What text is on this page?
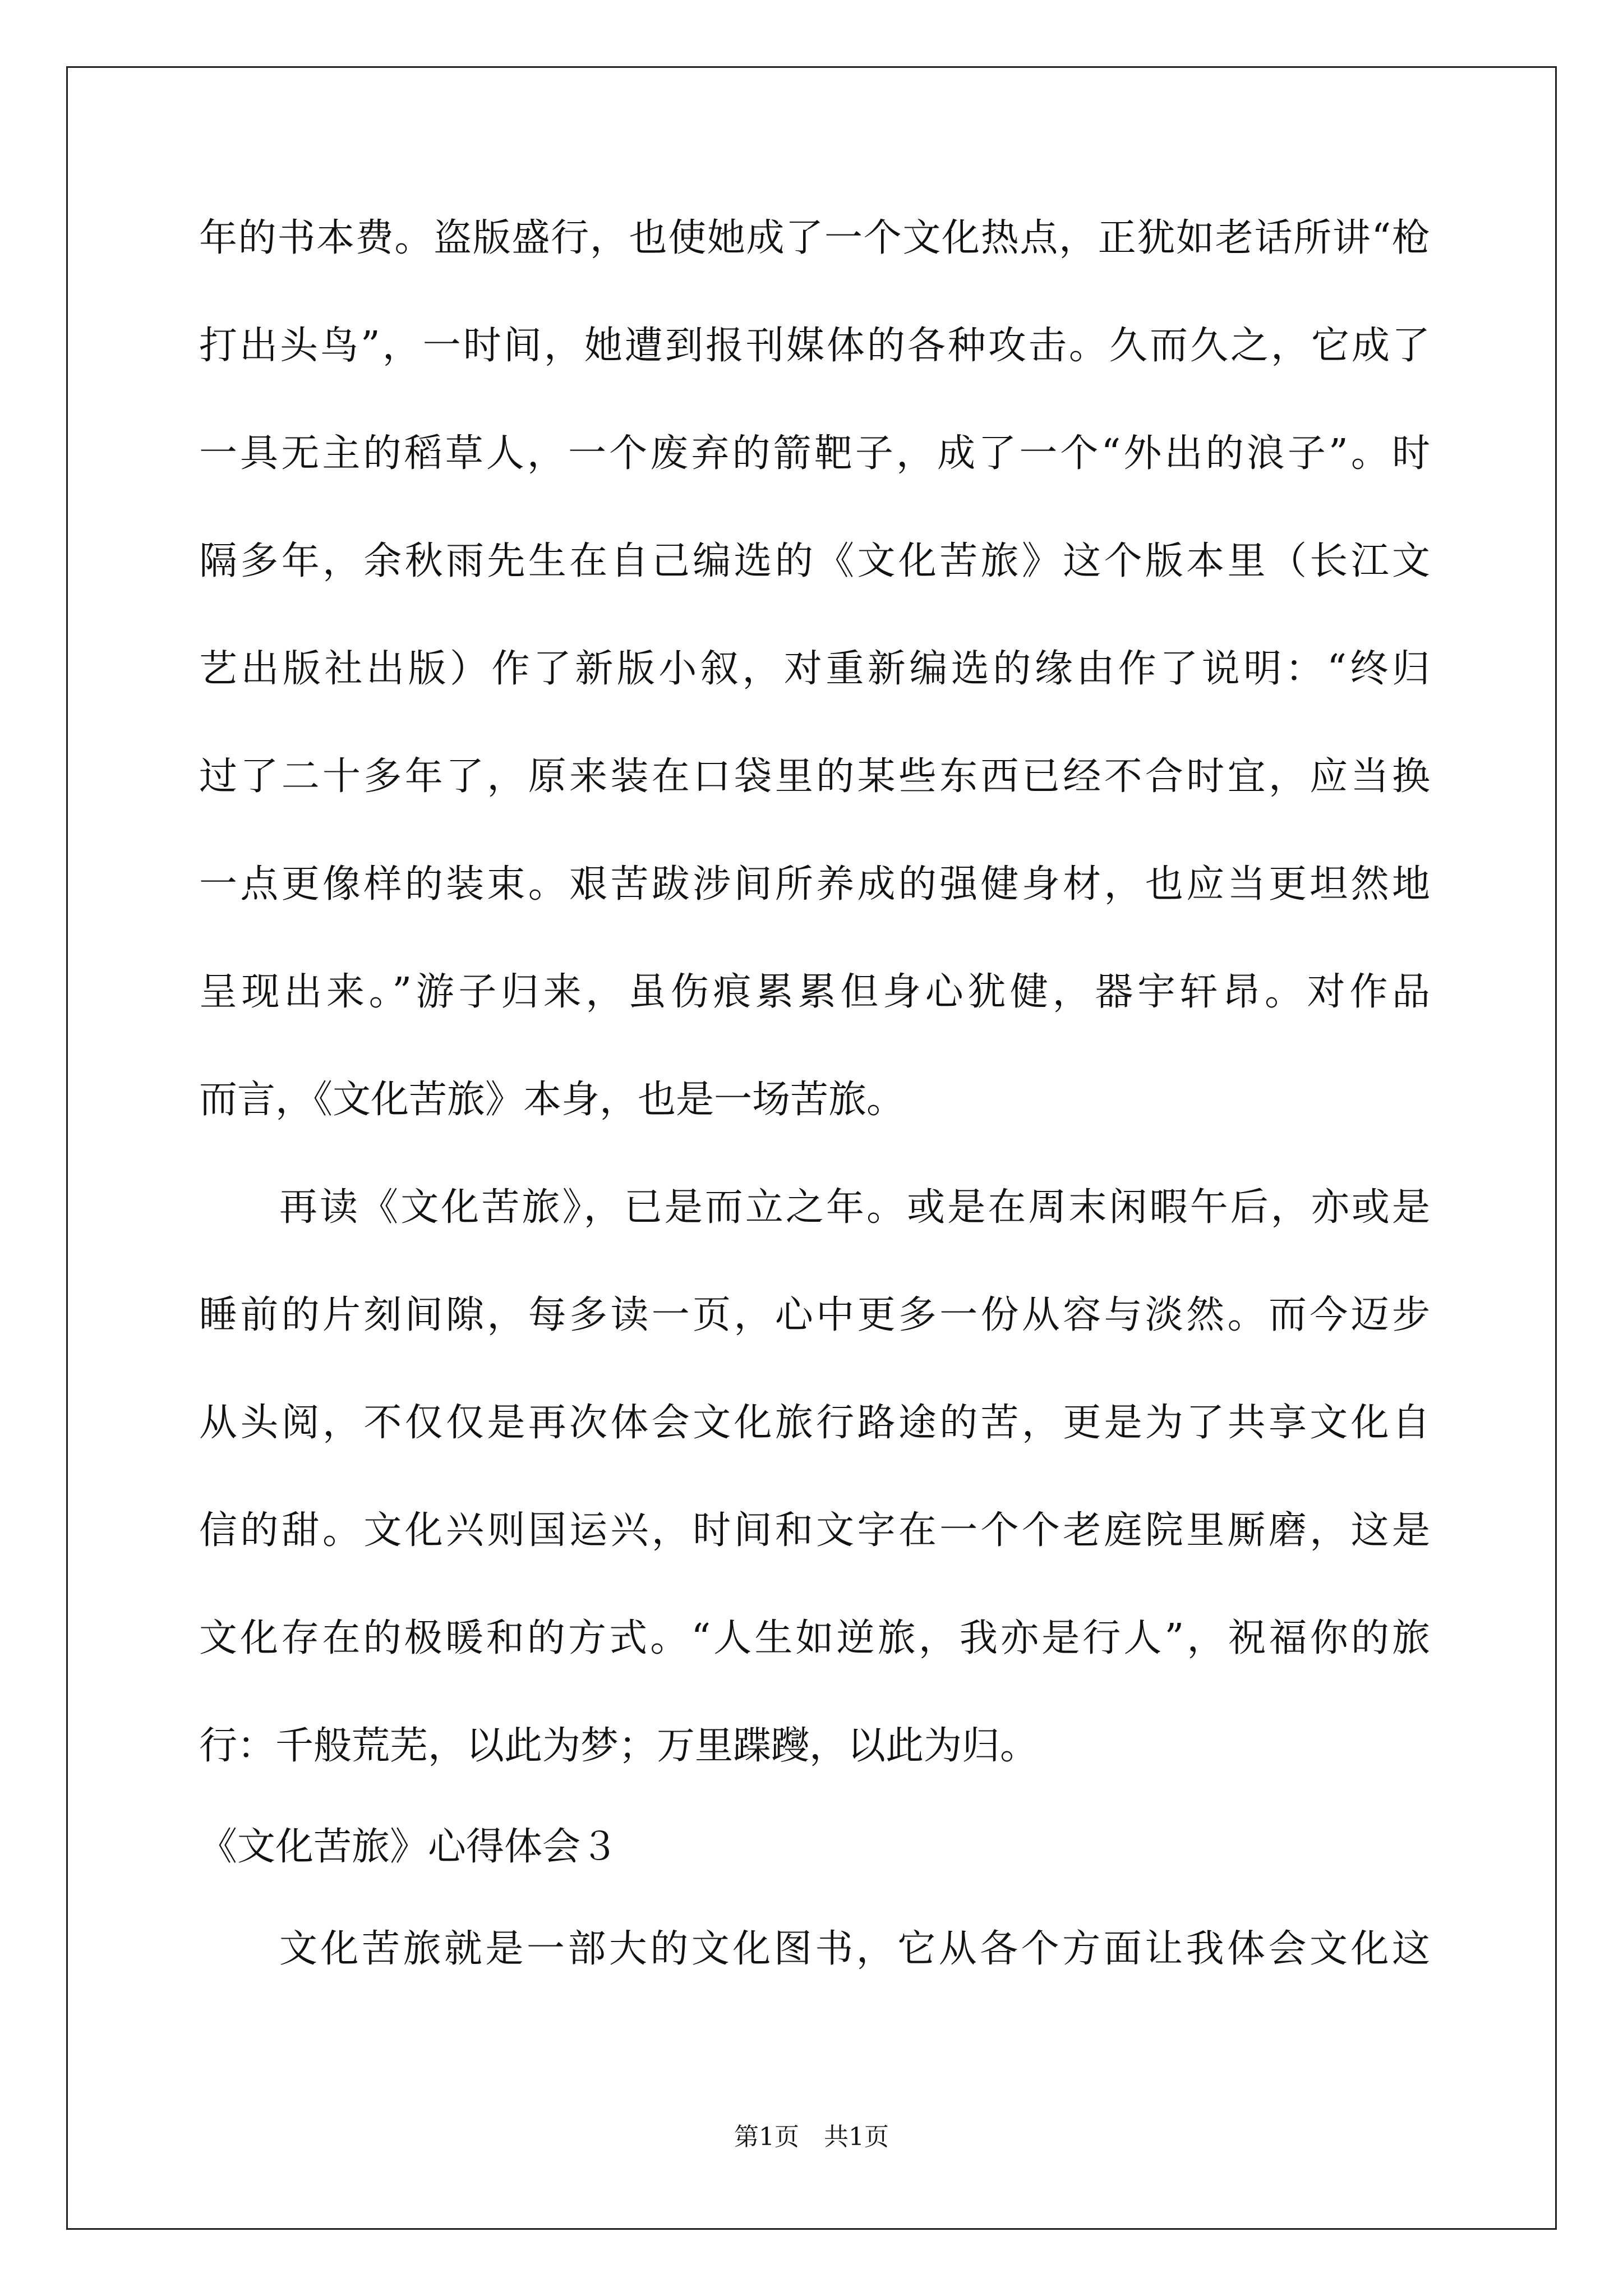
年的书本费。盗版盛行，也使她成了一个文化热点，正犹如老话所讲“枪
打出头鸟”，一时间，她遭到报刊媒体的各种攻击。久而久之，它成了
一具无主的稻草人，一个废弃的箭靶子，成了一个“外出的浪子”。时
隔多年，余秋雨先生在自己编选的《文化苦旅》这个版本里（长江文
艺出版社出版）作了新版小叙，对重新编选的缘由作了说明：“终归
过了二十多年了，原来装在口袋里的某些东西已经不合时宜，应当换
一点更像样的装束。艰苦跋涉间所养成的强健身材，也应当更坦然地
呈现出来。”游子归来，虽伤痕累累但身心犹健，器宇轩昂。对作品
而言，《文化苦旅》本身，也是一场苦旅。
再读《文化苦旅》，已是而立之年。或是在周末闲暇午后，亦或是
睡前的片刻间隙，每多读一页，心中更多一份从容与淡然。而今迈步
从头阅，不仅仅是再次体会文化旅行路途的苦，更是为了共享文化自
信的甜。文化兴则国运兴，时间和文字在一个个老庭院里厮磨，这是
文化存在的极暖和的方式。“人生如逆旅，我亦是行人”，祝福你的旅
行：千般荒芜，以此为梦；万里蹀躞，以此为归。
《文化苦旅》心得体会３
文化苦旅就是一部大的文化图书，它从各个方面让我体会文化这
第1页　共1页
